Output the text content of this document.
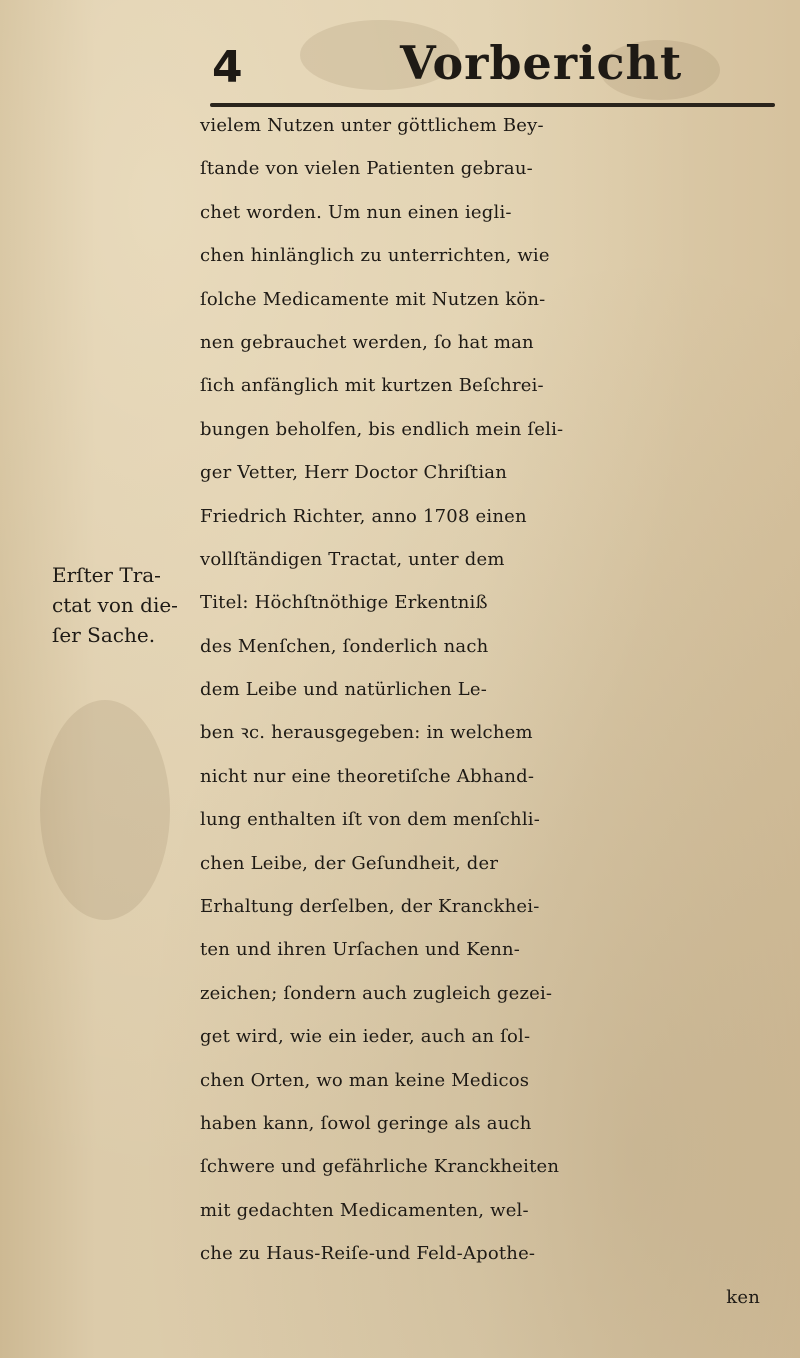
4	Vorbericht
Erſter Tra-
ctat von die-
ſer Sache.
vielem Nutzen unter göttlichem Bey-
ſtande von vielen Patienten gebrau-
chet worden. Um nun einen iegli-
chen hinlänglich zu unterrichten, wie
ſolche Medicamente mit Nutzen kön-
nen gebrauchet werden, ſo hat man
ſich anfänglich mit kurtzen Beſchrei-
bungen beholfen, bis endlich mein ſeli-
ger Vetter, Herr Doctor Chriſtian
Friedrich Richter, anno 1708 einen
vollſtändigen Tractat, unter dem
Titel: Höchſtnöthige Erkentniß
des Menſchen, ſonderlich nach
dem Leibe und natürlichen Le-
ben ꝛc. herausgegeben: in welchem
nicht nur eine theoretiſche Abhand-
lung enthalten iſt von dem menſchli-
chen Leibe, der Geſundheit, der
Erhaltung derſelben, der Kranckhei-
ten und ihren Urſachen und Kenn-
zeichen; ſondern auch zugleich gezei-
get wird, wie ein ieder, auch an ſol-
chen Orten, wo man keine Medicos
haben kann, ſowol geringe als auch
ſchwere und gefährliche Kranckheiten
mit gedachten Medicamenten, wel-
che zu Haus-Reiſe-und Feld-Apothe-
ken
